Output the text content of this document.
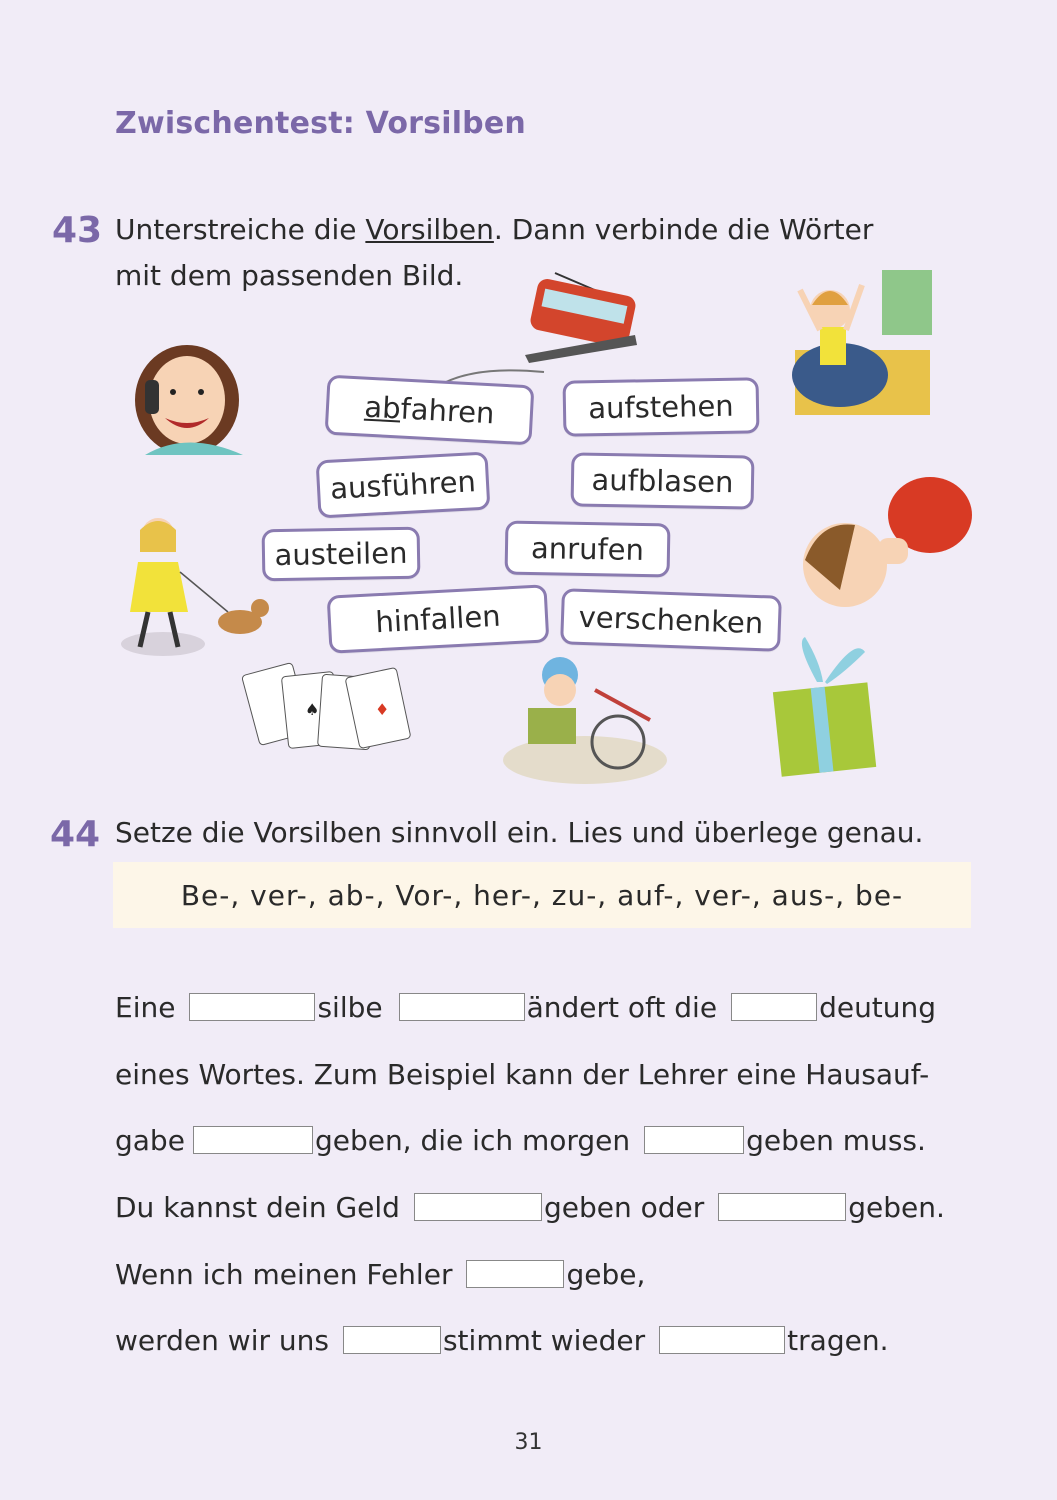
Zwischentest: Vorsilben
43 Unterstreiche die Vorsilben. Dann verbinde die Wörter
mit dem passenden Bild.
♦
♠
ab
fahren	aufstehen
ausführen	aufblasen
austeilen	anrufen
hinfallen	verschenken
44 Setze die Vorsilben sinnvoll ein. Lies und überlege genau.
Be-, ver-, ab-, Vor-, her-, zu-, auf-, ver-, aus-, be-
Eine	silbe	ändert oft die	deutung
eines Wortes. Zum Beispiel kann der Lehrer eine Hausauf-
gabe	geben, die ich morgen	geben muss.
Du kannst dein Geld	geben oder	geben.
Wenn ich meinen Fehler	gebe,
werden wir uns	stimmt wieder	tragen.
31
